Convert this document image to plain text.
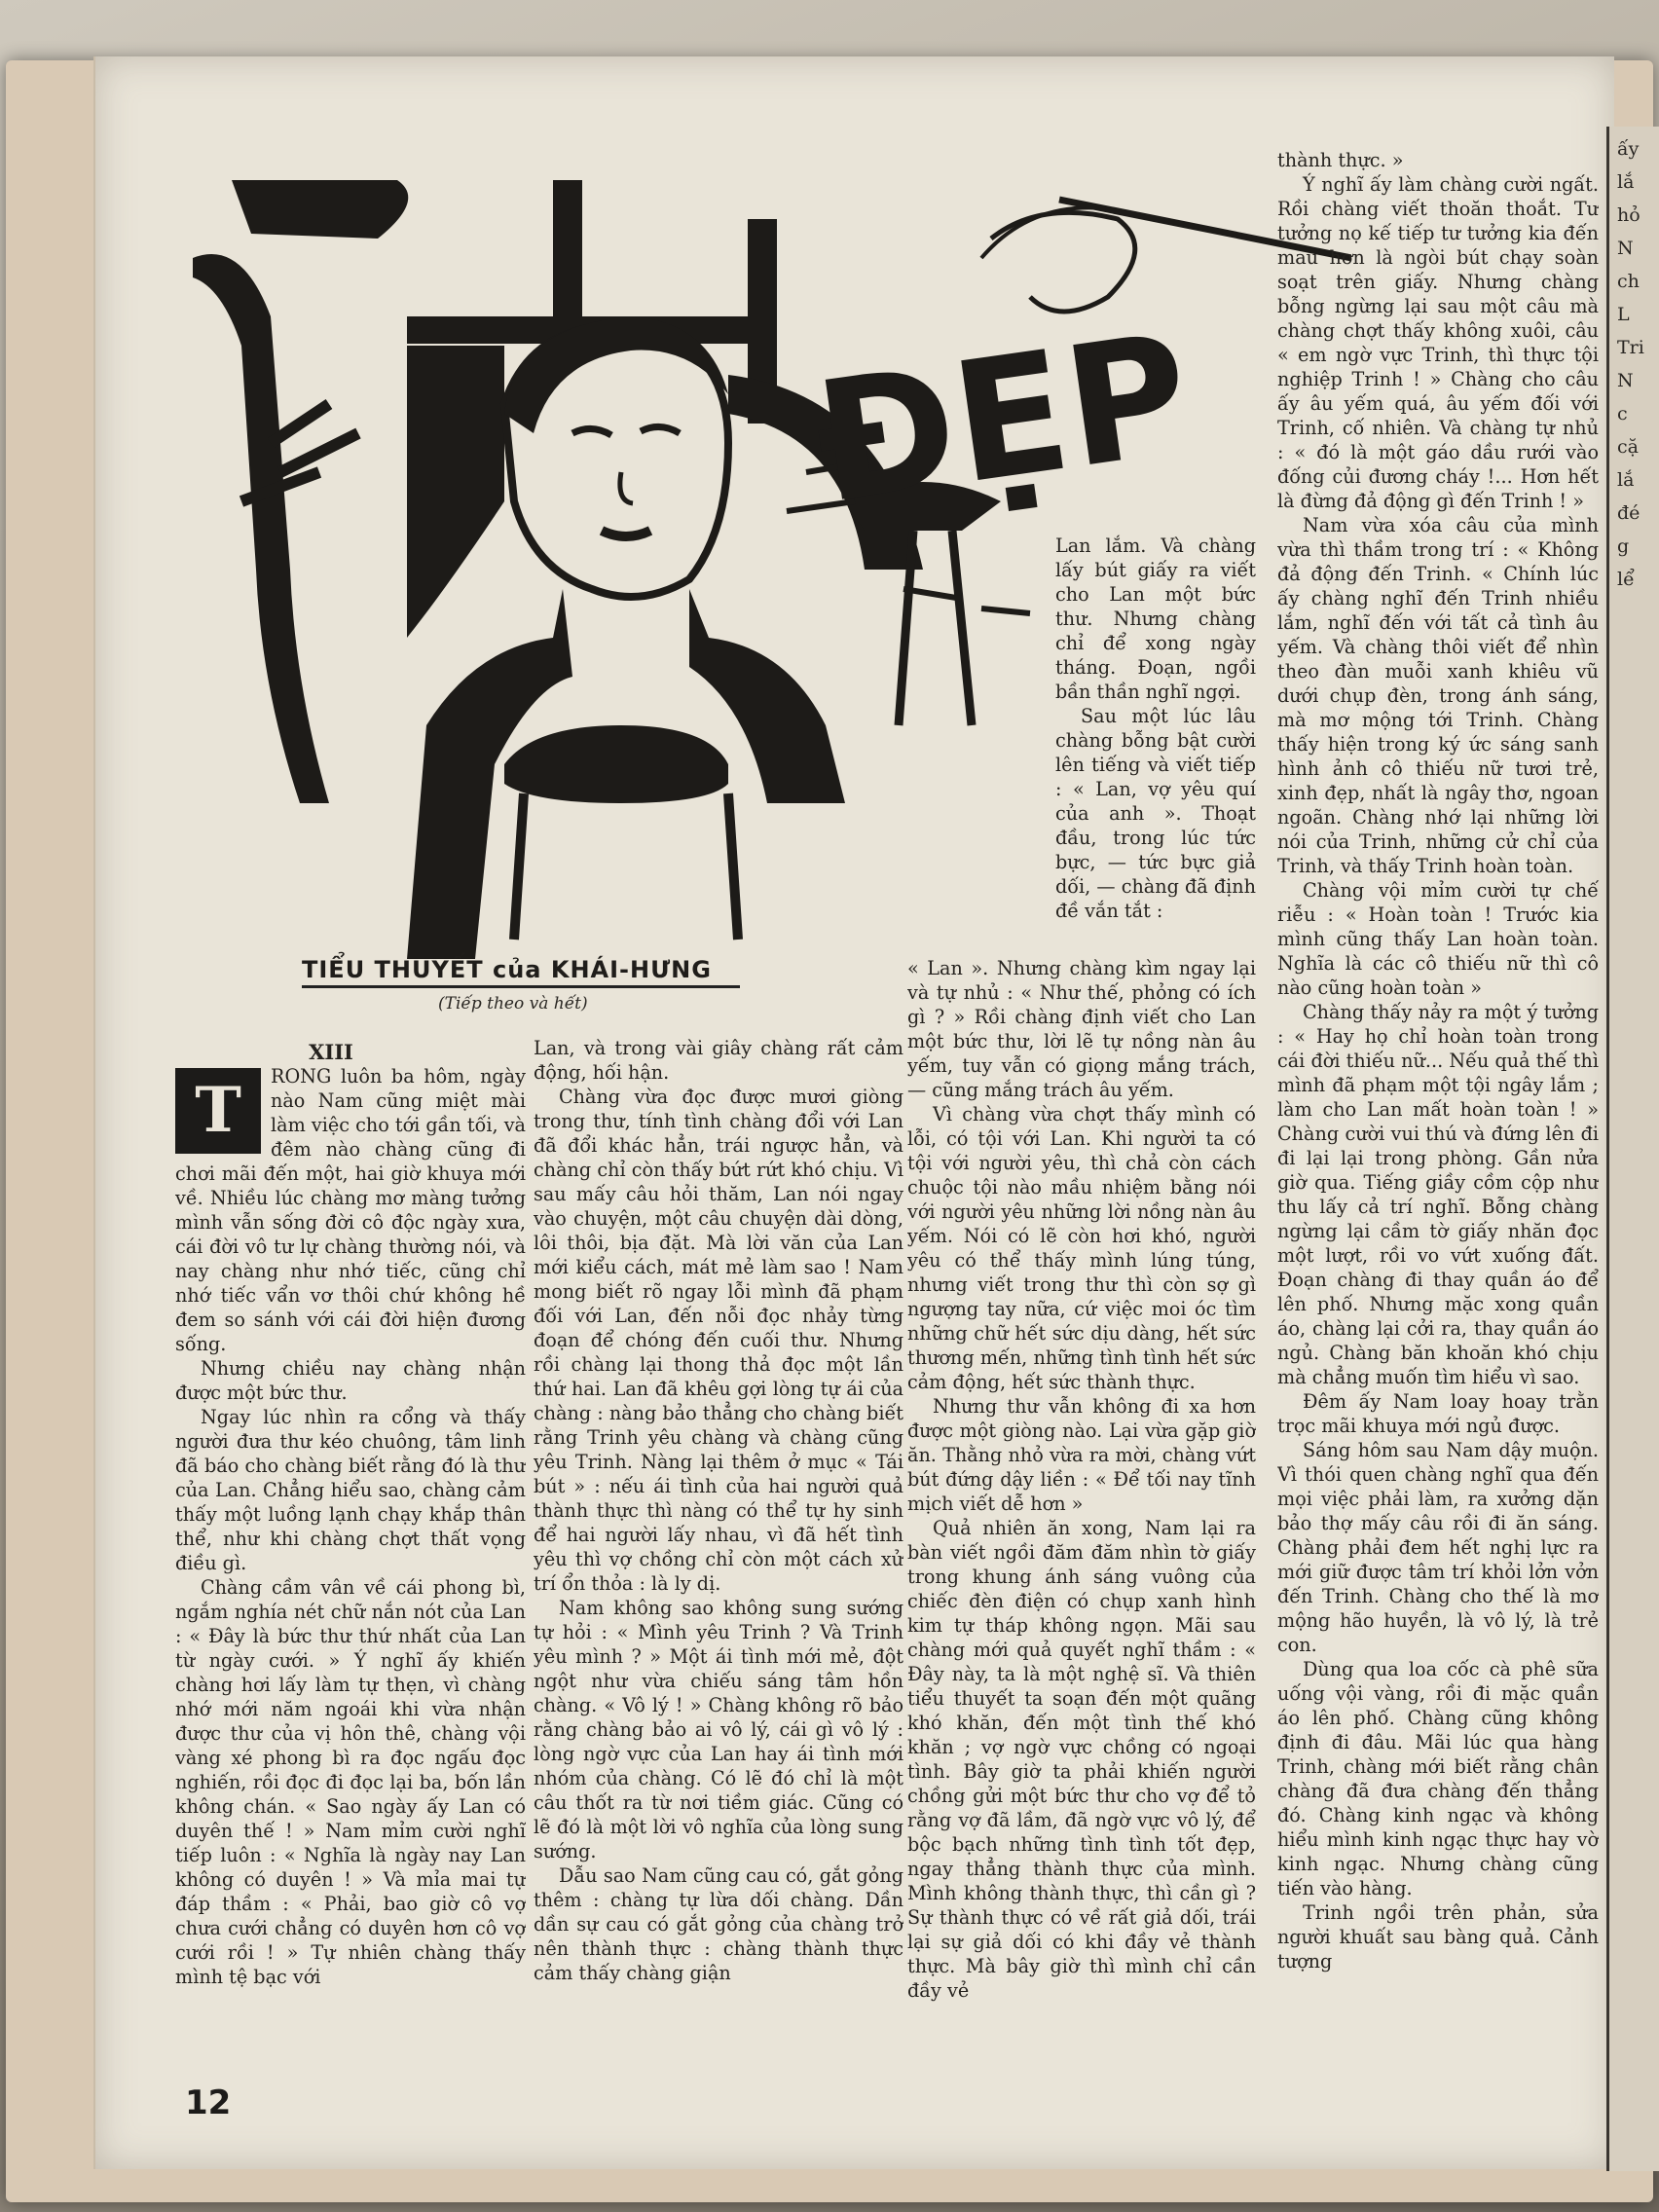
ấy
lắ
hỏ
N
ch
L
Tri
N
c
cặ
lắ
đé
g
lể
ĐẸP
TIỂU THUYẾT của KHÁI-HƯNG
(Tiếp theo và hết)
XIII
T	RONG luôn ba hôm, ngày nào Nam cũng miệt mài làm việc cho tới gần tối, và đêm nào chàng cũng đi chơi mãi đến một, hai giờ khuya mới về. Nhiều lúc chàng mơ màng tưởng mình vẫn sống đời cô độc ngày xưa, cái đời vô tư lự chàng thường nói, và nay chàng như nhớ tiếc, cũng chỉ nhớ tiếc vẩn vơ thôi chứ không hề đem so sánh với cái đời hiện đương sống.

Nhưng chiều nay chàng nhận được một bức thư.

Ngay lúc nhìn ra cổng và thấy người đưa thư kéo chuông, tâm linh đã báo cho chàng biết rằng đó là thư của Lan. Chẳng hiểu sao, chàng cảm thấy một luồng lạnh chạy khắp thân thể, như khi chàng chợt thất vọng điều gì.

Chàng cầm vân về cái phong bì, ngắm nghía nét chữ nắn nót của Lan : « Đây là bức thư thứ nhất của Lan từ ngày cưới. » Ý nghĩ ấy khiến chàng hơi lấy làm tự thẹn, vì chàng nhớ mới năm ngoái khi vừa nhận được thư của vị hôn thê, chàng vội vàng xé phong bì ra đọc ngấu đọc nghiến, rồi đọc đi đọc lại ba, bốn lần không chán. « Sao ngày ấy Lan có duyên thế ! » Nam mỉm cười nghĩ tiếp luôn : « Nghĩa là ngày nay Lan không có duyên ! » Và mỉa mai tự đáp thầm : « Phải, bao giờ cô vợ chưa cưới chẳng có duyên hơn cô vợ cưới rồi ! » Tự nhiên chàng thấy mình tệ bạc với

Lan, và trong vài giây chàng rất cảm động, hối hận.

Chàng vừa đọc được mươi giòng trong thư, tính tình chàng đổi với Lan đã đổi khác hẳn, trái ngược hẳn, và chàng chỉ còn thấy bứt rứt khó chịu. Vì sau mấy câu hỏi thăm, Lan nói ngay vào chuyện, một câu chuyện dài dòng, lôi thôi, bịa đặt. Mà lời văn của Lan mới kiểu cách, mát mẻ làm sao ! Nam mong biết rõ ngay lỗi mình đã phạm đối với Lan, đến nỗi đọc nhảy từng đoạn để chóng đến cuối thư. Nhưng rồi chàng lại thong thả đọc một lần thứ hai. Lan đã khêu gợi lòng tự ái của chàng : nàng bảo thẳng cho chàng biết rằng Trinh yêu chàng và chàng cũng yêu Trinh. Nàng lại thêm ở mục « Tái bút » : nếu ái tình của hai người quả thành thực thì nàng có thể tự hy sinh để hai người lấy nhau, vì đã hết tình yêu thì vợ chồng chỉ còn một cách xử trí ổn thỏa : là ly dị.

Nam không sao không sung sướng tự hỏi : « Mình yêu Trinh ? Và Trinh yêu mình ? » Một ái tình mới mẻ, đột ngột như vừa chiếu sáng tâm hồn chàng. « Vô lý ! » Chàng không rõ bảo rằng chàng bảo ai vô lý, cái gì vô lý : lòng ngờ vực của Lan hay ái tình mới nhóm của chàng. Có lẽ đó chỉ là một câu thốt ra từ nơi tiềm giác. Cũng có lẽ đó là một lời vô nghĩa của lòng sung sướng.

Dẫu sao Nam cũng cau có, gắt gỏng thêm : chàng tự lừa dối chàng. Dần dần sự cau có gắt gỏng của chàng trở nên thành thực : chàng thành thực cảm thấy chàng giận

Lan lắm. Và chàng lấy bút giấy ra viết cho Lan một bức thư. Nhưng chàng chỉ để xong ngày tháng. Đoạn, ngồi bần thần nghĩ ngợi.

Sau một lúc lâu chàng bỗng bật cười lên tiếng và viết tiếp : « Lan, vợ yêu quí của anh ». Thoạt đầu, trong lúc tức bực, — tức bực giả dối, — chàng đã định đề vắn tắt :

« Lan ». Nhưng chàng kìm ngay lại và tự nhủ : « Như thế, phỏng có ích gì ? » Rồi chàng định viết cho Lan một bức thư, lời lẽ tự nồng nàn âu yếm, tuy vẫn có giọng mắng trách, — cũng mắng trách âu yếm.

Vì chàng vừa chợt thấy mình có lỗi, có tội với Lan. Khi người ta có tội với người yêu, thì chả còn cách chuộc tội nào mầu nhiệm bằng nói với người yêu những lời nồng nàn âu yếm. Nói có lẽ còn hơi khó, người yêu có thể thấy mình lúng túng, nhưng viết trong thư thì còn sợ gì ngượng tay nữa, cứ việc moi óc tìm những chữ hết sức dịu dàng, hết sức thương mến, những tình tình hết sức cảm động, hết sức thành thực.

Nhưng thư vẫn không đi xa hơn được một giòng nào. Lại vừa gặp giờ ăn. Thằng nhỏ vừa ra mời, chàng vứt bút đứng dậy liền : « Để tối nay tĩnh mịch viết dễ hơn »

Quả nhiên ăn xong, Nam lại ra bàn viết ngồi đăm đăm nhìn tờ giấy trong khung ánh sáng vuông của chiếc đèn điện có chụp xanh hình kim tự tháp không ngọn. Mãi sau chàng mới quả quyết nghĩ thầm : « Đây này, ta là một nghệ sĩ. Và thiên tiểu thuyết ta soạn đến một quãng khó khăn, đến một tình thế khó khăn ; vợ ngờ vực chồng có ngoại tình. Bây giờ ta phải khiến người chồng gửi một bức thư cho vợ để tỏ rằng vợ đã lầm, đã ngờ vực vô lý, để bộc bạch những tình tình tốt đẹp, ngay thẳng thành thực của mình. Mình không thành thực, thì cần gì ? Sự thành thực có về rất giả dối, trái lại sự giả dối có khi đầy vẻ thành thực. Mà bây giờ thì mình chỉ cần đầy vẻ

thành thực. »

Ý nghĩ ấy làm chàng cười ngất. Rồi chàng viết thoăn thoắt. Tư tưởng nọ kế tiếp tư tưởng kia đến mau hơn là ngòi bút chạy soàn soạt trên giấy. Nhưng chàng bỗng ngừng lại sau một câu mà chàng chợt thấy không xuôi, câu « em ngờ vực Trinh, thì thực tội nghiệp Trinh ! » Chàng cho câu ấy âu yếm quá, âu yếm đối với Trinh, cố nhiên. Và chàng tự nhủ : « đó là một gáo dầu rưới vào đống củi đương cháy !... Hơn hết là đừng đả động gì đến Trinh ! »

Nam vừa xóa câu của mình vừa thì thầm trong trí : « Không đả động đến Trinh. « Chính lúc ấy chàng nghĩ đến Trinh nhiều lắm, nghĩ đến với tất cả tình âu yếm. Và chàng thôi viết để nhìn theo đàn muỗi xanh khiêu vũ dưới chụp đèn, trong ánh sáng, mà mơ mộng tới Trinh. Chàng thấy hiện trong ký ức sáng sanh hình ảnh cô thiếu nữ tươi trẻ, xinh đẹp, nhất là ngây thơ, ngoan ngoãn. Chàng nhớ lại những lời nói của Trinh, những cử chỉ của Trinh, và thấy Trinh hoàn toàn.

Chàng vội mỉm cười tự chế riễu : « Hoàn toàn ! Trước kia mình cũng thấy Lan hoàn toàn. Nghĩa là các cô thiếu nữ thì cô nào cũng hoàn toàn »

Chàng thấy nảy ra một ý tưởng : « Hay họ chỉ hoàn toàn trong cái đời thiếu nữ... Nếu quả thế thì mình đã phạm một tội ngây lắm ; làm cho Lan mất hoàn toàn ! » Chàng cười vui thú và đứng lên đi đi lại lại trong phòng. Gần nửa giờ qua. Tiếng giầy cồm cộp như thu lấy cả trí nghĩ. Bỗng chàng ngừng lại cầm tờ giấy nhăn đọc một lượt, rồi vo vứt xuống đất. Đoạn chàng đi thay quần áo để lên phố. Nhưng mặc xong quần áo, chàng lại cởi ra, thay quần áo ngủ. Chàng băn khoăn khó chịu mà chẳng muốn tìm hiểu vì sao.

Đêm ấy Nam loay hoay trằn trọc mãi khuya mới ngủ được.

Sáng hôm sau Nam dậy muộn. Vì thói quen chàng nghĩ qua đến mọi việc phải làm, ra xưởng dặn bảo thợ mấy câu rồi đi ăn sáng. Chàng phải đem hết nghị lực ra mới giữ được tâm trí khỏi lởn vởn đến Trinh. Chàng cho thế là mơ mộng hão huyền, là vô lý, là trẻ con.

Dùng qua loa cốc cà phê sữa uống vội vàng, rồi đi mặc quần áo lên phố. Chàng cũng không định đi đâu. Mãi lúc qua hàng Trinh, chàng mới biết rằng chân chàng đã đưa chàng đến thẳng đó. Chàng kinh ngạc và không hiểu mình kinh ngạc thực hay vờ kinh ngạc. Nhưng chàng cũng tiến vào hàng.

Trinh ngồi trên phản, sửa người khuất sau bàng quả. Cảnh tượng

12
